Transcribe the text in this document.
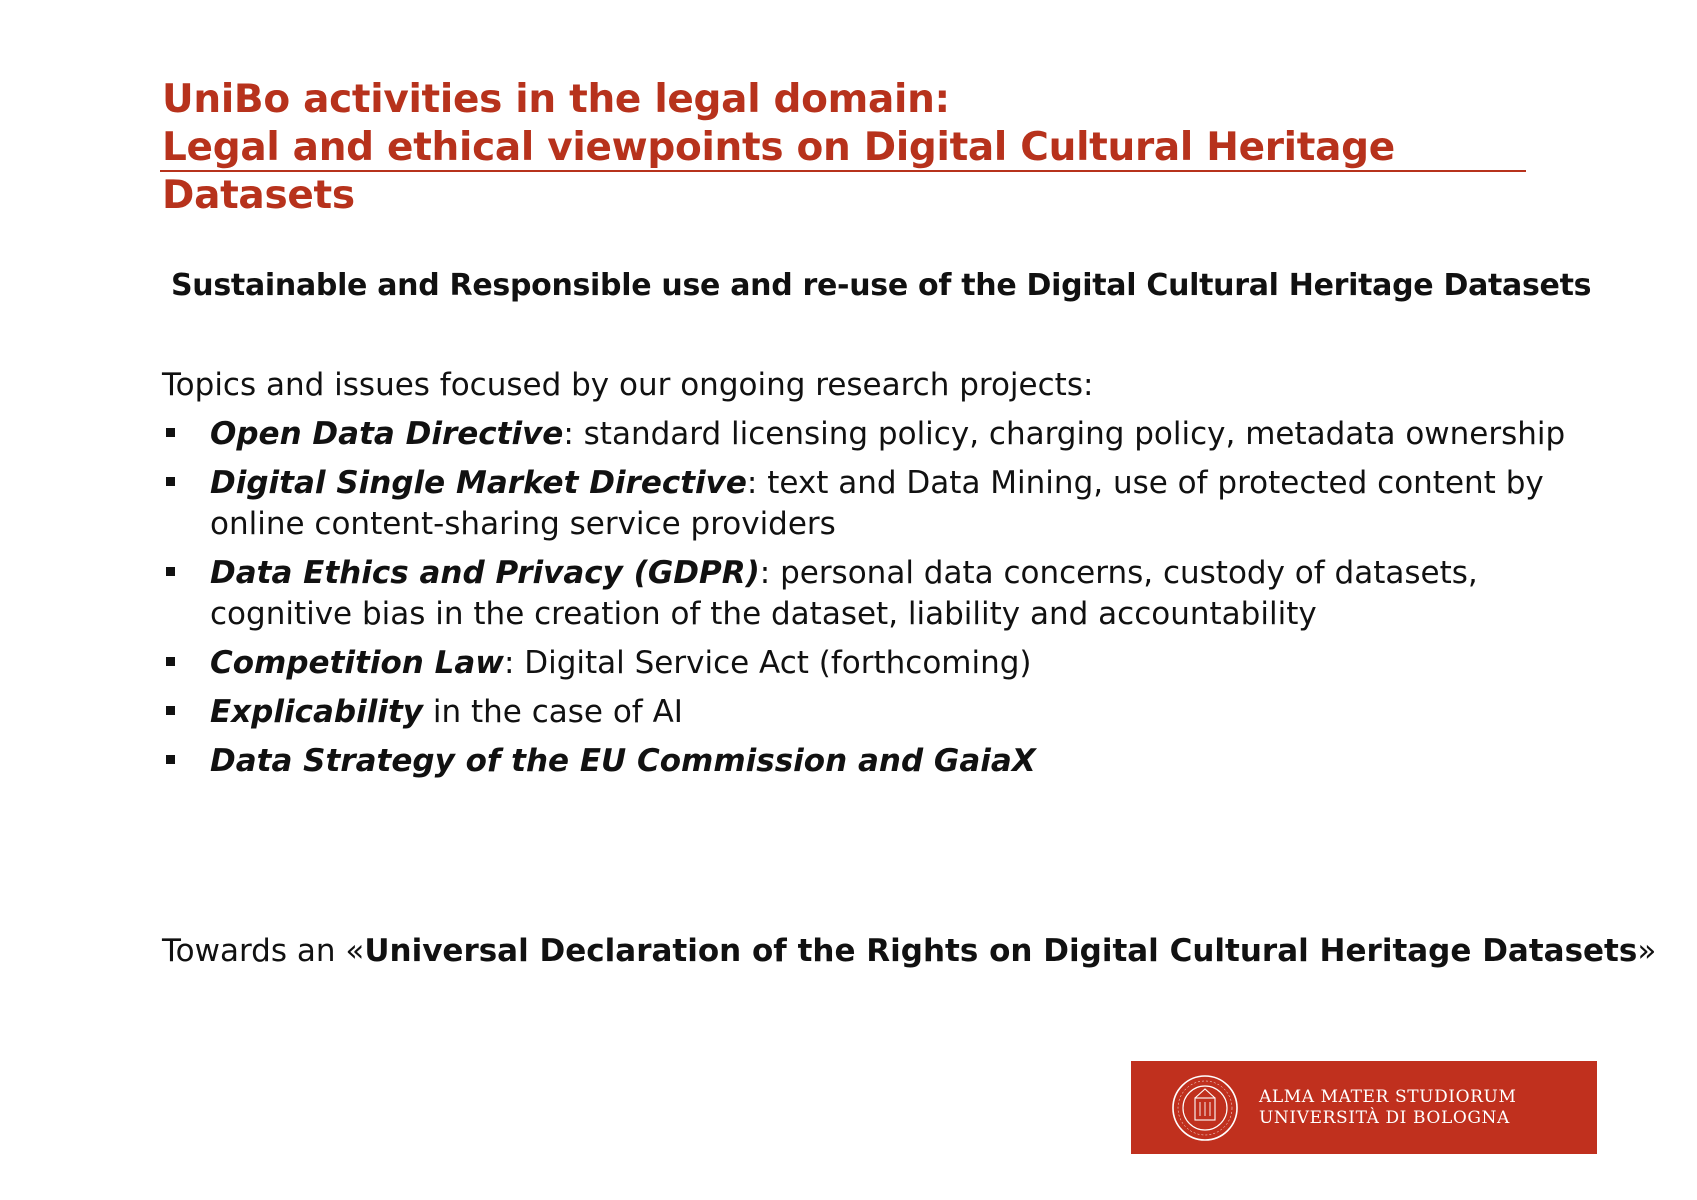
UniBo activities in the legal domain:
Legal and ethical viewpoints on Digital Cultural Heritage Datasets
Sustainable and Responsible use and re-use of the Digital Cultural Heritage Datasets
Topics and issues focused by our ongoing research projects:
Open Data Directive: standard licensing policy, charging policy, metadata ownership
Digital Single Market Directive: text and Data Mining, use of protected content by online content-sharing service providers
Data Ethics and Privacy (GDPR): personal data concerns, custody of datasets, cognitive bias in the creation of the dataset, liability and accountability
Competition Law: Digital Service Act (forthcoming)
Explicability in the case of AI
Data Strategy of the EU Commission and GaiaX
Towards an «Universal Declaration of the Rights on Digital Cultural Heritage Datasets»
ALMA MATER STUDIORUM
UNIVERSITÀ DI BOLOGNA
